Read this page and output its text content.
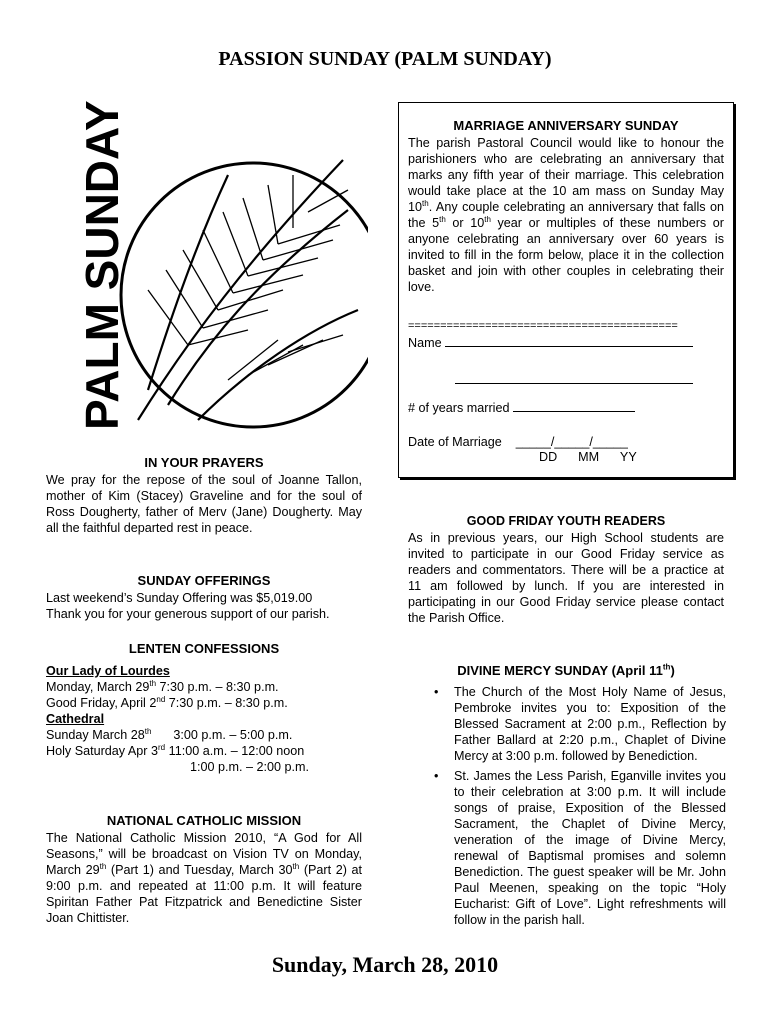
PASSION SUNDAY (PALM SUNDAY)
PALM SUNDAY
IN YOUR PRAYERS
We pray for the repose of the soul of Joanne Tallon, mother of Kim (Stacey) Graveline and for the soul of Ross Dougherty, father of Merv (Jane) Dougherty. May all the faithful departed rest in peace.
SUNDAY OFFERINGS
Last weekend’s Sunday Offering was $5,019.00
Thank you for your generous support of our parish.
LENTEN CONFESSIONS
Our Lady of Lourdes
Monday, March 29th 7:30 p.m. – 8:30 p.m.
Good Friday, April 2nd 7:30 p.m. – 8:30 p.m.
Cathedral
Sunday March 28th 3:00 p.m. – 5:00 p.m.
Holy Saturday Apr 3rd 11:00 a.m. – 12:00 noon
1:00 p.m. – 2:00 p.m.
NATIONAL CATHOLIC MISSION
The National Catholic Mission 2010, “A God for All Seasons,” will be broadcast on Vision TV on Monday, March 29th (Part 1) and Tuesday, March 30th (Part 2) at 9:00 p.m. and repeated at 11:00 p.m. It will feature Spiritan Father Pat Fitzpatrick and Benedictine Sister Joan Chittister.
MARRIAGE ANNIVERSARY SUNDAY
The parish Pastoral Council would like to honour the parishioners who are celebrating an anniversary that marks any fifth year of their marriage. This celebration would take place at the 10 am mass on Sunday May 10th. Any couple celebrating an anniversary that falls on the 5th or 10th year or multiples of these numbers or anyone celebrating an anniversary over 60 years is invited to fill in the form below, place it in the collection basket and join with other couples in celebrating their love.
==========================================
Name
# of years married
Date of Marriage _____/_____/_____
DD      MM      YY
GOOD FRIDAY YOUTH READERS
As in previous years, our High School students are invited to participate in our Good Friday service as readers and commentators. There will be a practice at 11 am followed by lunch. If you are interested in participating in our Good Friday service please contact the Parish Office.
DIVINE MERCY SUNDAY (April 11th)
• The Church of the Most Holy Name of Jesus, Pembroke invites you to: Exposition of the Blessed Sacrament at 2:00 p.m., Reflection by Father Ballard at 2:20 p.m., Chaplet of Divine Mercy at 3:00 p.m. followed by Benediction.
• St. James the Less Parish, Eganville invites you to their celebration at 3:00 p.m. It will include songs of praise, Exposition of the Blessed Sacrament, the Chaplet of Divine Mercy, veneration of the image of Divine Mercy, renewal of Baptismal promises and solemn Benediction. The guest speaker will be Mr. John Paul Meenen, speaking on the topic “Holy Eucharist: Gift of Love”. Light refreshments will follow in the parish hall.
Sunday, March 28, 2010
